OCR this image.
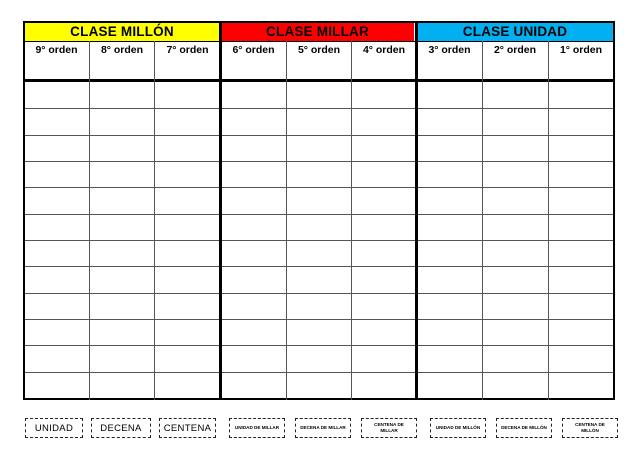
CLASE MILLÓN	CLASE MILLAR	CLASE UNIDAD
9° orden	8° orden	7° orden	6° orden	5° orden	4° orden	3° orden	2° orden	1° orden
UNIDAD	DECENA	CENTENA	UNIDAD DE MILLAR	DECENA DE MILLAR
CENTENA DE MILLAR
UNIDAD DE MILLÓN	DECENA DE MILLÓN
CENTENA DE MILLÓN
